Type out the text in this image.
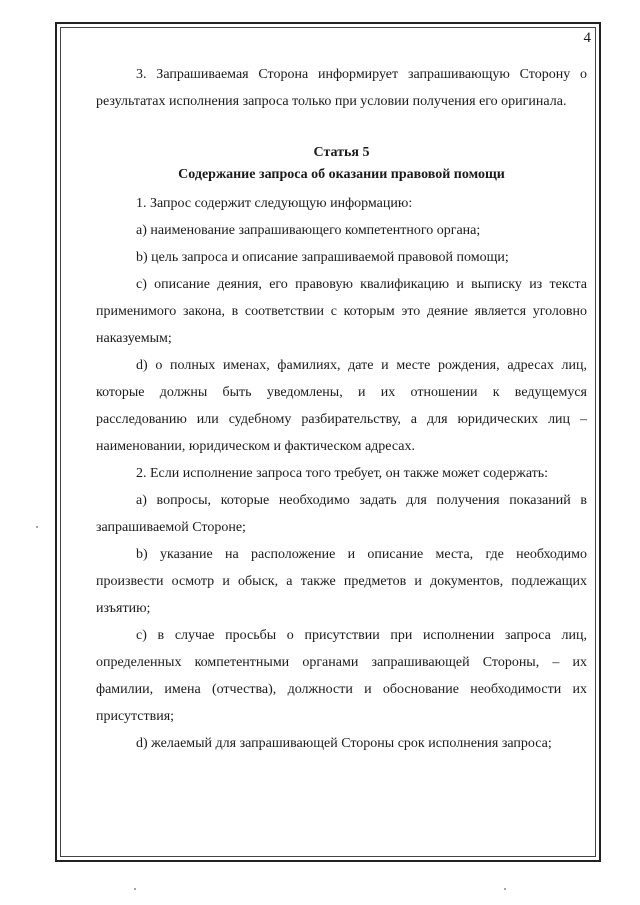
4

3. Запрашиваемая Сторона информирует запрашивающую Сторону о результатах исполнения запроса только при условии получения его оригинала.

Статья 5

Содержание запроса об оказании правовой помощи

1. Запрос содержит следующую информацию:

a) наименование запрашивающего компетентного органа;

b) цель запроса и описание запрашиваемой правовой помощи;

c) описание деяния, его правовую квалификацию и выписку из текста применимого закона, в соответствии с которым это деяние является уголовно наказуемым;

d) о полных именах, фамилиях, дате и месте рождения, адресах лиц, которые должны быть уведомлены, и их отношении к ведущемуся расследованию или судебному разбирательству, а для юридических лиц – наименовании, юридическом и фактическом адресах.

2. Если исполнение запроса того требует, он также может содержать:

a) вопросы, которые необходимо задать для получения показаний в запрашиваемой Стороне;

b) указание на расположение и описание места, где необходимо произвести осмотр и обыск, а также предметов и документов, подлежащих изъятию;

c) в случае просьбы о присутствии при исполнении запроса лиц, определенных компетентными органами запрашивающей Стороны, – их фамилии, имена (отчества), должности и обоснование необходимости их присутствия;

d) желаемый для запрашивающей Стороны срок исполнения запроса;
